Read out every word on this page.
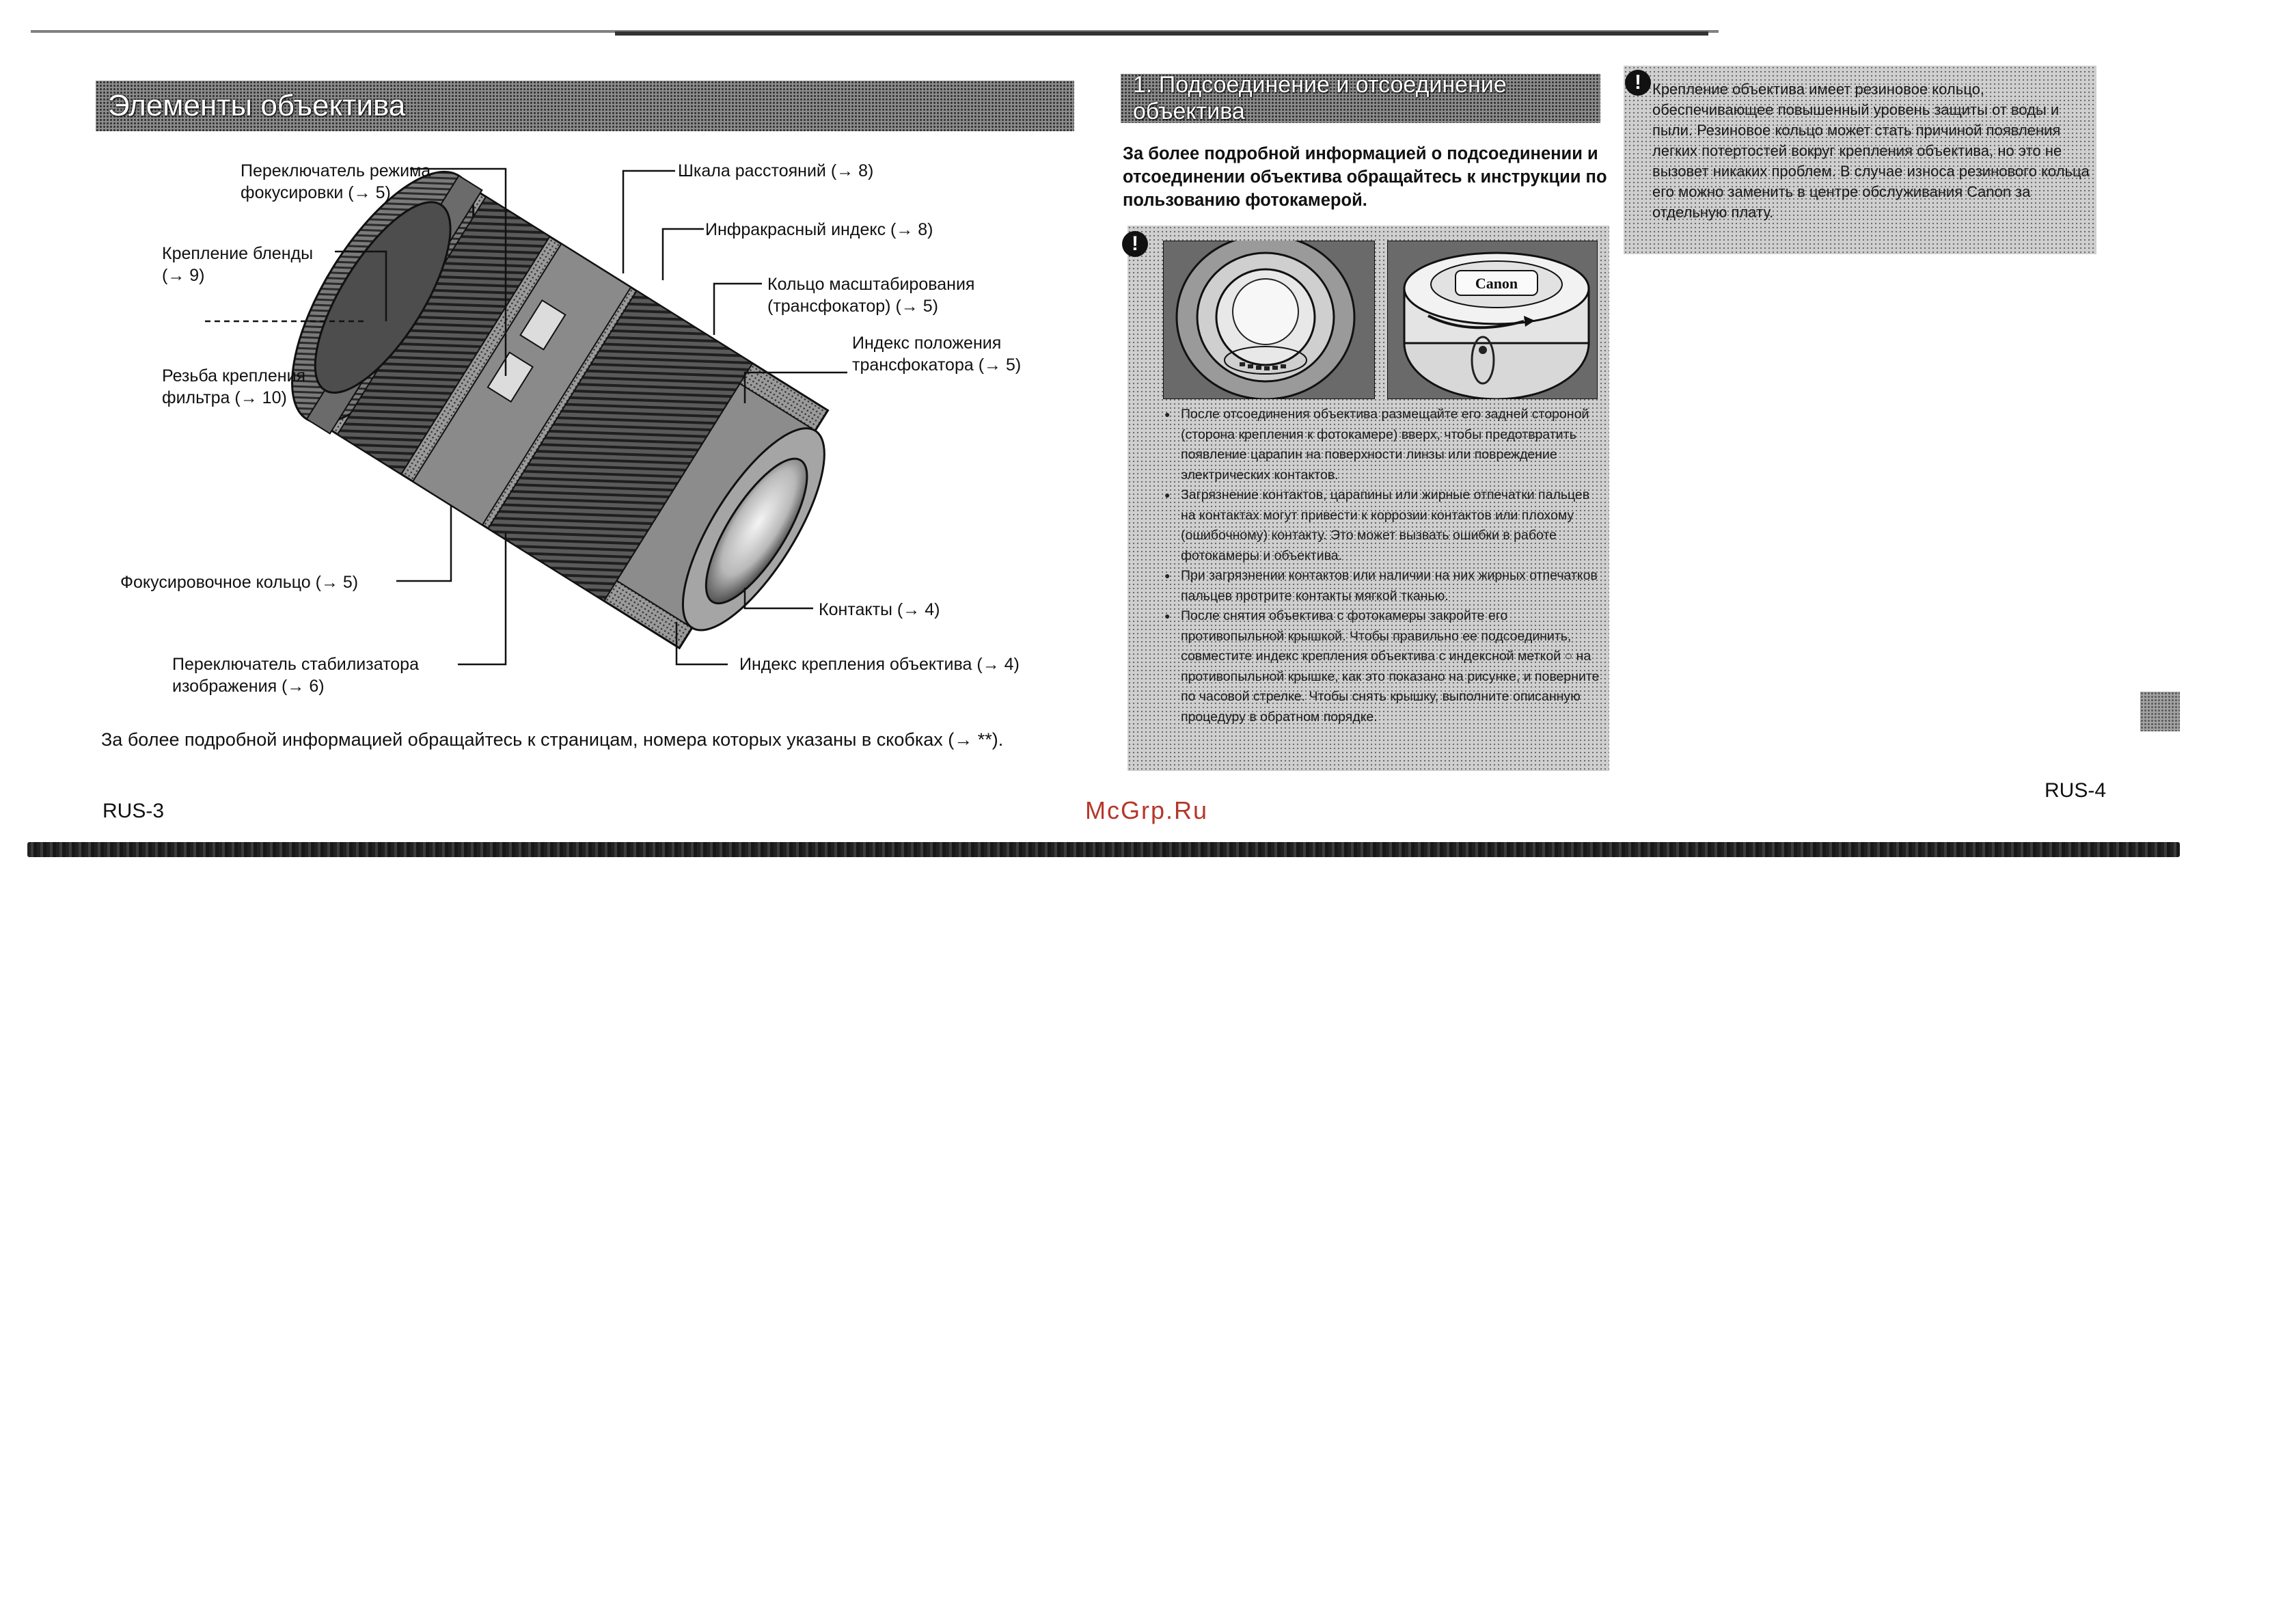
Элементы объектива
Переключатель режима фокусировки (→ 5)
Крепление бленды (→ 9)
Резьба крепления фильтра (→ 10)
Фокусировочное кольцо (→ 5)
Переключатель стабилизатора изображения (→ 6)
Шкала расстояний (→ 8)
Инфракрасный индекс (→ 8)
Кольцо масштабирования (трансфокатор) (→ 5)
Индекс положения трансфокатора (→ 5)
Контакты (→ 4)
Индекс крепления объектива (→ 4)
За более подробной информацией обращайтесь к страницам, номера которых указаны в скобках (→ **).
RUS-3
1. Подсоединение и отсоединение объектива
За более подробной информацией о подсоединении и отсоединении объектива обращайтесь к инструкции по пользованию фотокамерой.
!
Canon
● После отсоединения объектива размещайте его задней стороной (сторона крепления к фотокамере) вверх, чтобы предотвратить появление царапин на поверхности линзы или повреждение электрических контактов.
● Загрязнение контактов, царапины или жирные отпечатки пальцев на контактах могут привести к коррозии контактов или плохому (ошибочному) контакту. Это может вызвать ошибки в работе фотокамеры и объектива.
● При загрязнении контактов или наличии на них жирных отпечатков пальцев протрите контакты мягкой тканью.
● После снятия объектива с фотокамеры закройте его противопыльной крышкой. Чтобы правильно ее подсоединить, совместите индекс крепления объектива с индексной меткой ○ на противопыльной крышке, как это показано на рисунке, и поверните по часовой стрелке. Чтобы снять крышку, выполните описанную процедуру в обратном порядке.
! Крепление объектива имеет резиновое кольцо, обеспечивающее повышенный уровень защиты от воды и пыли. Резиновое кольцо может стать причиной появления легких потертостей вокруг крепления объектива, но это не вызовет никаких проблем. В случае износа резинового кольца его можно заменить в центре обслуживания Canon за отдельную плату.
RUS-4
McGrp.Ru
